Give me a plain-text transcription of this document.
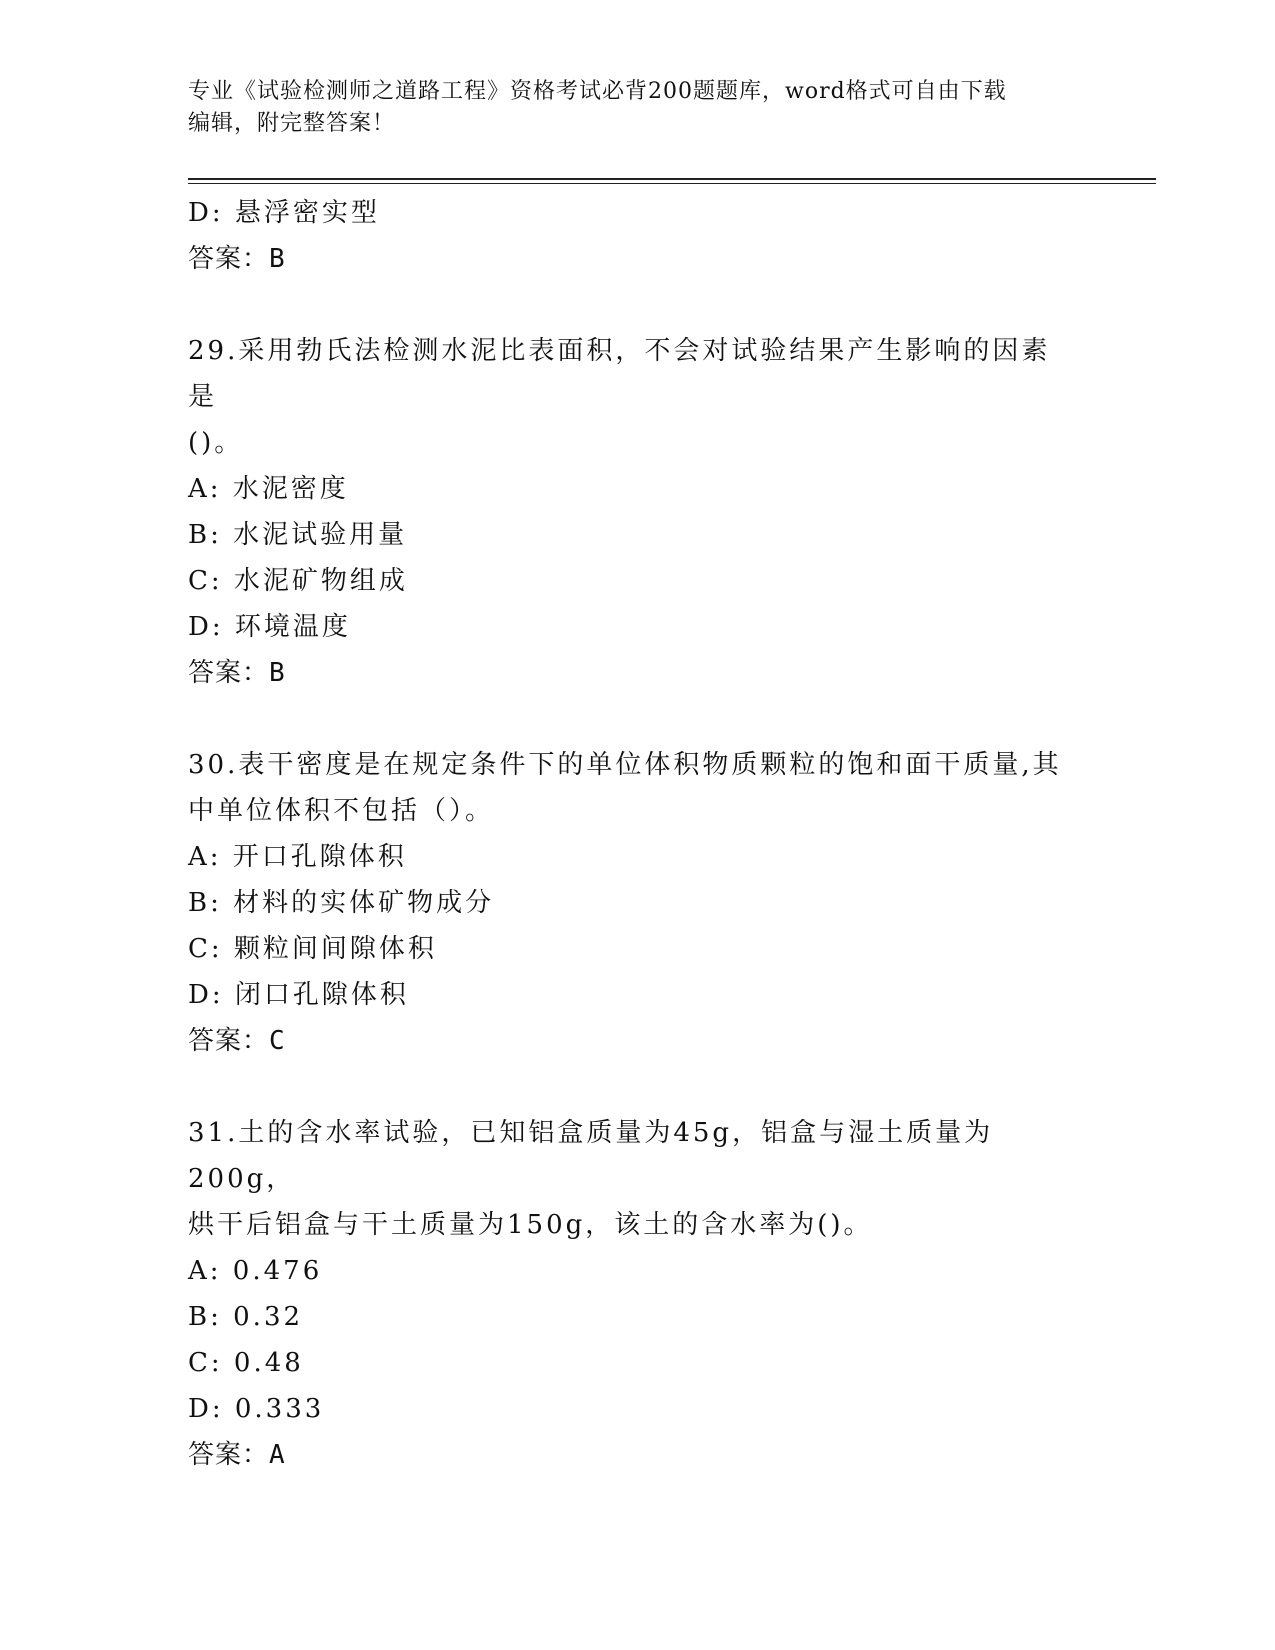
专业《试验检测师之道路工程》资格考试必背200题题库，word格式可自由下载
编辑，附完整答案！
D: 悬浮密实型
答案：B
29.采用勃氏法检测水泥比表面积，不会对试验结果产生影响的因素是
()。
A: 水泥密度
B: 水泥试验用量
C: 水泥矿物组成
D: 环境温度
答案：B
30.表干密度是在规定条件下的单位体积物质颗粒的饱和面干质量,其
中单位体积不包括（）。
A: 开口孔隙体积
B: 材料的实体矿物成分
C: 颗粒间间隙体积
D: 闭口孔隙体积
答案：C
31.土的含水率试验，已知铝盒质量为45g，铝盒与湿土质量为200g，
烘干后铝盒与干土质量为150g，该土的含水率为()。
A: 0.476
B: 0.32
C: 0.48
D: 0.333
答案：A
